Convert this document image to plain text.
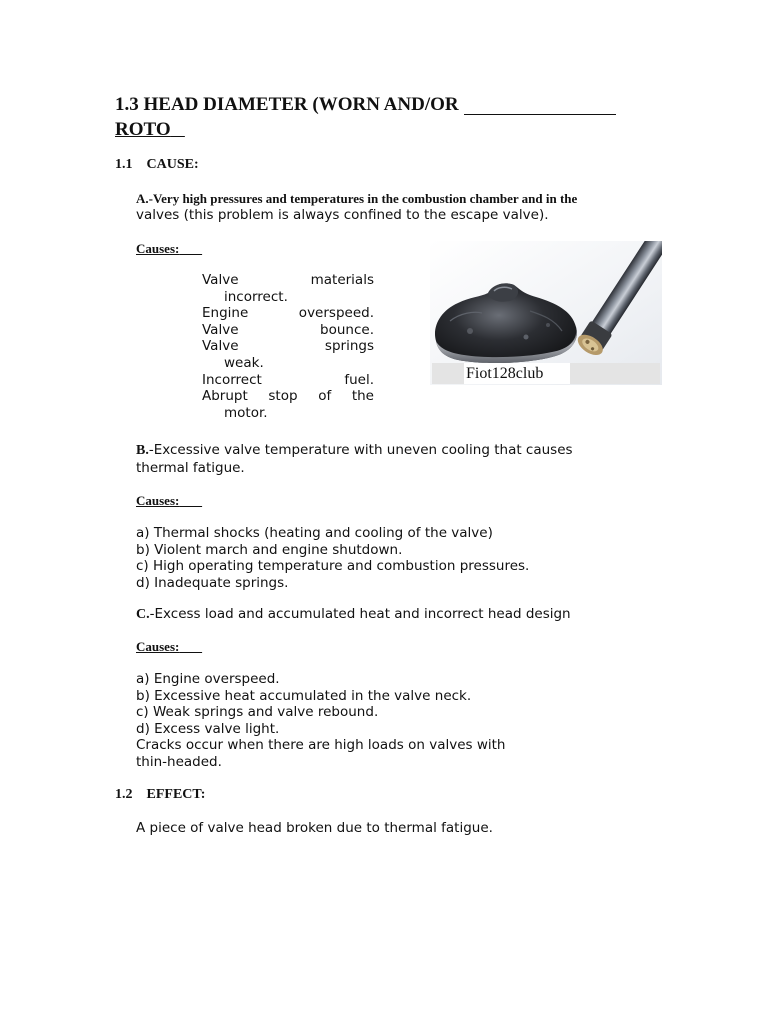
1.3 HEAD DIAMETER (WORN AND/OR
ROTO
1.1 CAUSE:
A.-Very high pressures and temperatures in the combustion chamber and in the
valves (this problem is always confined to the escape valve).
Causes:
Valve materials
incorrect.
Engine overspeed.
Valve bounce.
Valve springs
weak.
Incorrect fuel.
Abrupt stop of the
motor.
Fiot128club
B.-Excessive valve temperature with uneven cooling that causes thermal fatigue.
Causes:
a) Thermal shocks (heating and cooling of the valve)
b) Violent march and engine shutdown.
c) High operating temperature and combustion pressures.
d) Inadequate springs.
C.-Excess load and accumulated heat and incorrect head design
Causes:
a) Engine overspeed.
b) Excessive heat accumulated in the valve neck.
c) Weak springs and valve rebound.
d) Excess valve light.
Cracks occur when there are high loads on valves with
thin-headed.
1.2 EFFECT:
A piece of valve head broken due to thermal fatigue.
